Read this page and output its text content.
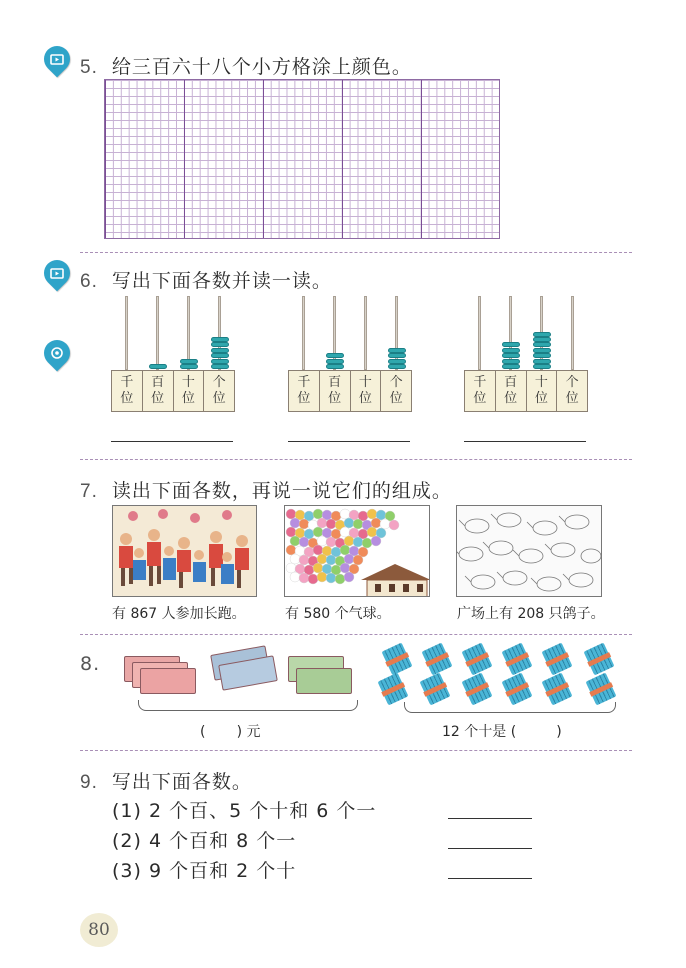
5. 给三百六十八个小方格涂上颜色。
6. 写出下面各数并读一读。
千
位
百
位
十
位
个
位
千
位
百
位
十
位
个
位
千
位
百
位
十
位
个
位
7. 读出下面各数，再说一说它们的组成。
有 867 人参加长跑。	有 580 个气球。	广场上有 208 只鸽子。
8.
(       ) 元	12 个十是 (         )
9. 写出下面各数。
(1) 2 个百、5 个十和 6 个一
(2) 4 个百和 8 个一
(3) 9 个百和 2 个十
80
